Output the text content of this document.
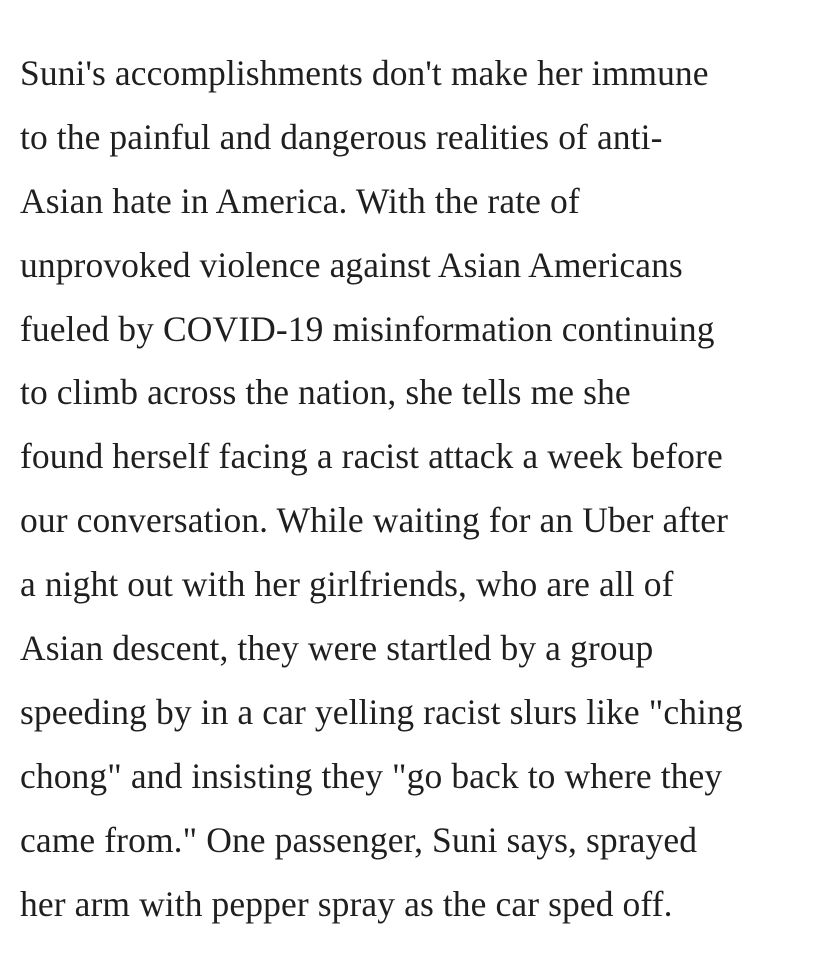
Suni's accomplishments don't make her immune
to the painful and dangerous realities of anti-
Asian hate in America. With the rate of
unprovoked violence against Asian Americans
fueled by COVID-19 misinformation continuing
to climb across the nation, she tells me she
found herself facing a racist attack a week before
our conversation. While waiting for an Uber after
a night out with her girlfriends, who are all of
Asian descent, they were startled by a group
speeding by in a car yelling racist slurs like "ching
chong" and insisting they "go back to where they
came from." One passenger, Suni says, sprayed
her arm with pepper spray as the car sped off.
